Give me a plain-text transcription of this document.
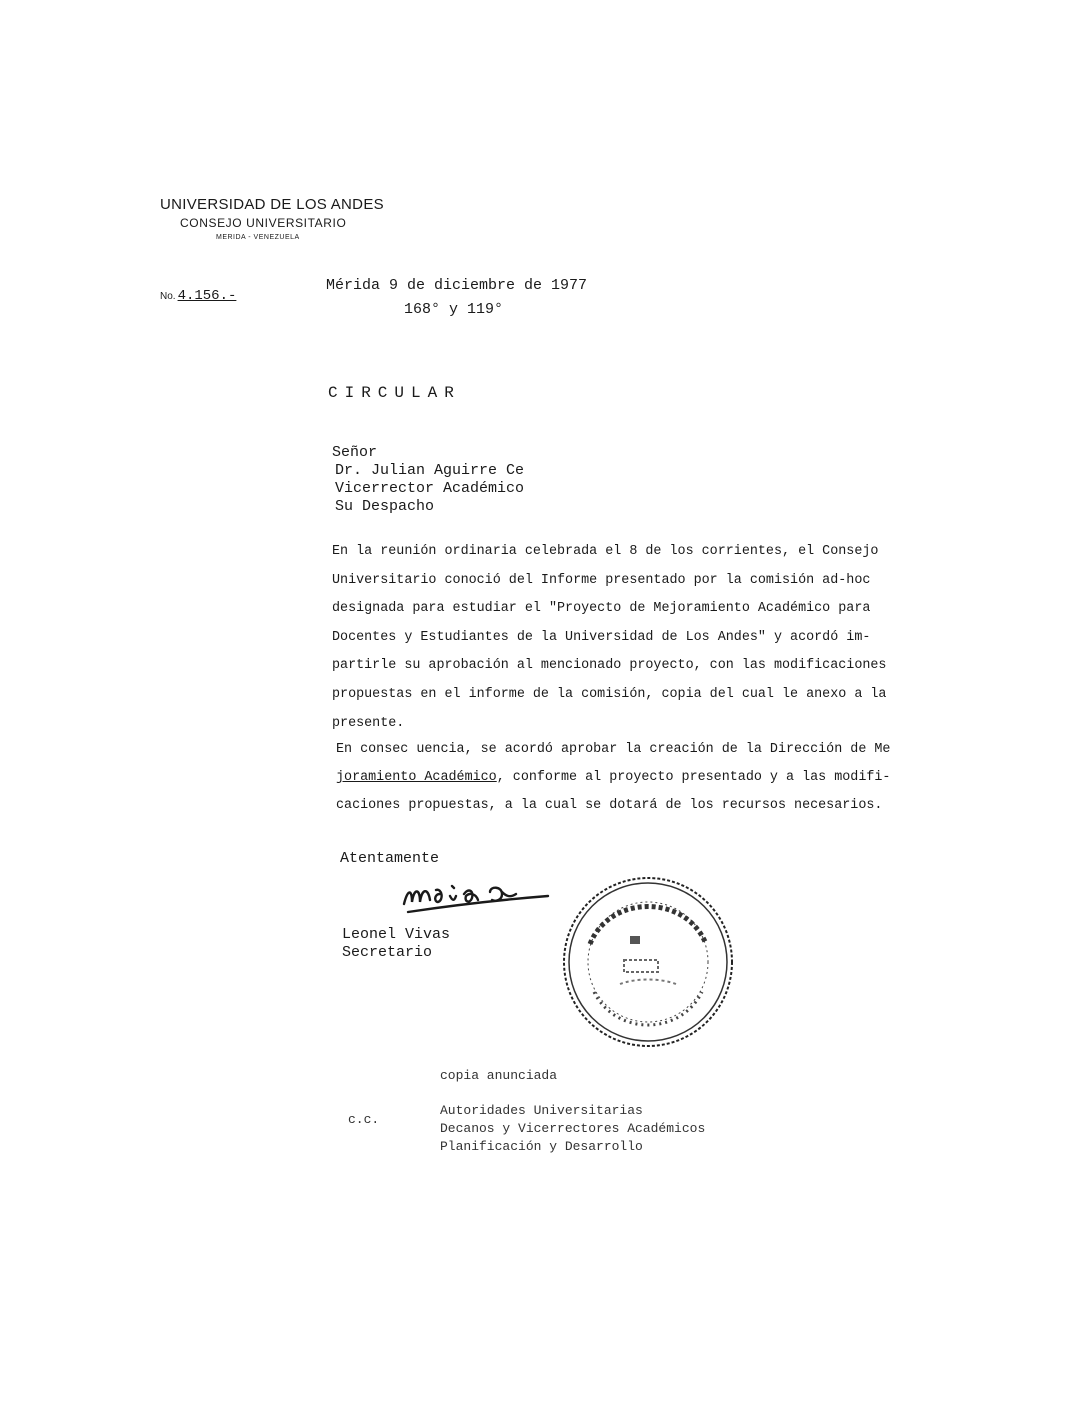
UNIVERSIDAD DE LOS ANDES
CONSEJO UNIVERSITARIO
MERIDA - VENEZUELA
No. 4.156.-
Mérida 9 de diciembre de 1977
168° y 119°
CIRCULAR
Señor
Dr. Julian Aguirre Ce
Vicerrector Académico
Su Despacho
En la reunión ordinaria celebrada el 8 de los corrientes, el Consejo
Universitario conoció del Informe presentado por la comisión ad-hoc
designada para estudiar el "Proyecto de Mejoramiento Académico para
Docentes y Estudiantes de la Universidad de Los Andes" y acordó im-
partirle su aprobación al mencionado proyecto, con las modificaciones
propuestas en el informe de la comisión, copia del cual le anexo a la
presente.
En consec uencia, se acordó aprobar la creación de la Dirección de Me
joramiento Académico, conforme al proyecto presentado y a las modifi-
caciones propuestas, a la cual se dotará de los recursos necesarios.
Atentamente
Leonel Vivas
Secretario
copia anunciada
c.c.
Autoridades Universitarias
Decanos y Vicerrectores Académicos
Planificación y Desarrollo
